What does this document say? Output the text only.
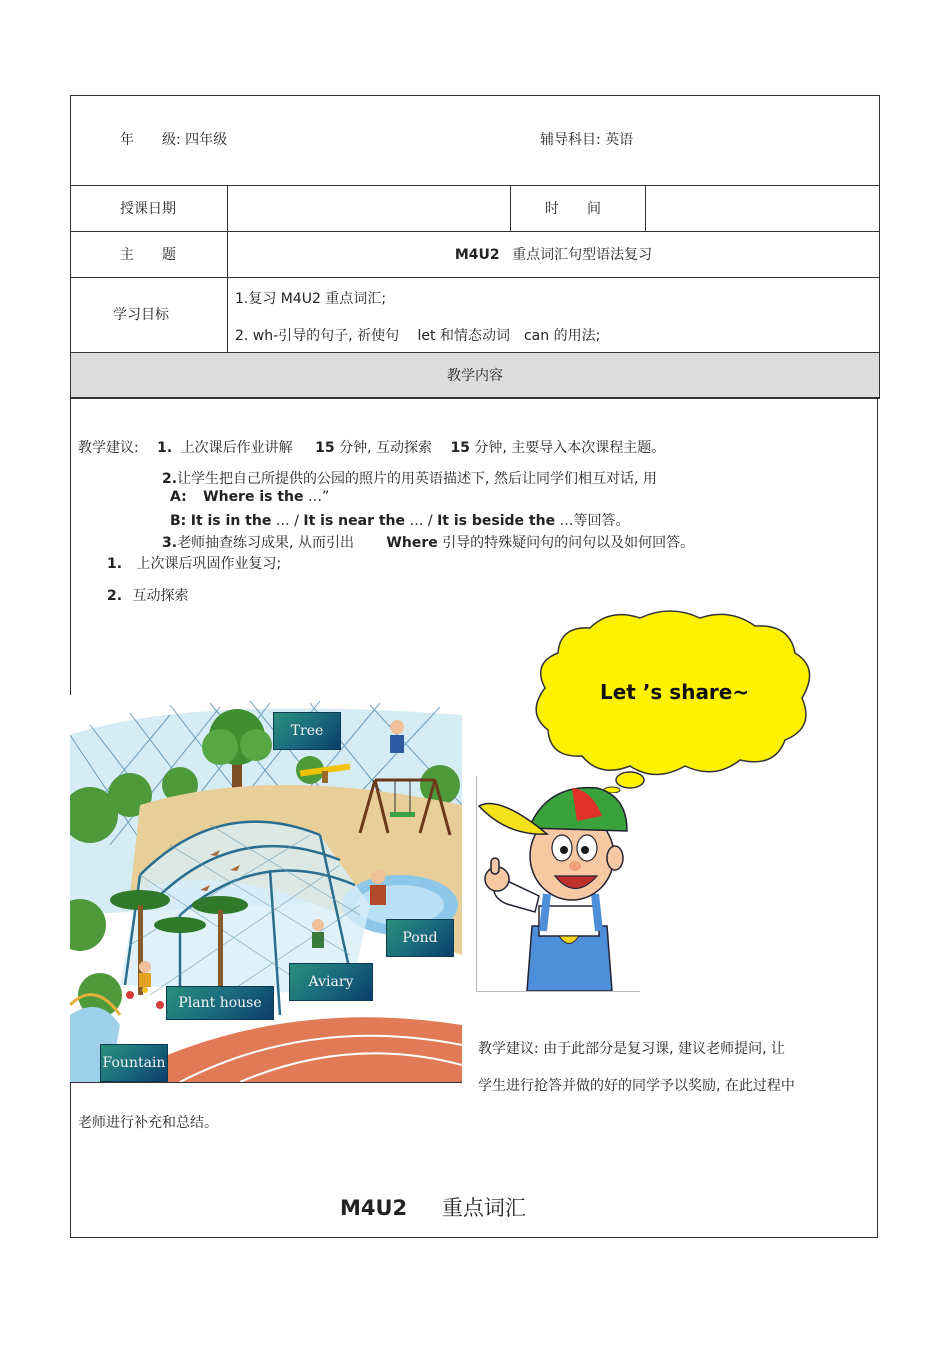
年　　级: 四年级	辅导科目: 英语
授课日期	时　　间
主　　题	M4U2 重点词汇句型语法复习
学习目标
1.复习 M4U2 重点词汇;
2. wh-引导的句子, 祈使句　 let 和情态动词　can 的用法;
教学内容
教学建议: 1. 上次课后作业讲解 15 分钟, 互动探索 15 分钟, 主要导入本次课程主题。
2.让学生把自己所提供的公园的照片的用英语描述下, 然后让同学们相互对话, 用
A: Where is the …”
B: It is in the … / It is near the … / It is beside the …等回答。
3.老师抽查练习成果, 从而引出 Where 引导的特殊疑问句的问句以及如何回答。
1. 上次课后巩固作业复习;
2. 互动探索
Tree
Pond
Aviary
Plant house
Fountain
Let ’s share~
教学建议: 由于此部分是复习课, 建议老师提问, 让
学生进行抢答并做的好的同学予以奖励, 在此过程中
老师进行补充和总结。
M4U2 重点词汇
